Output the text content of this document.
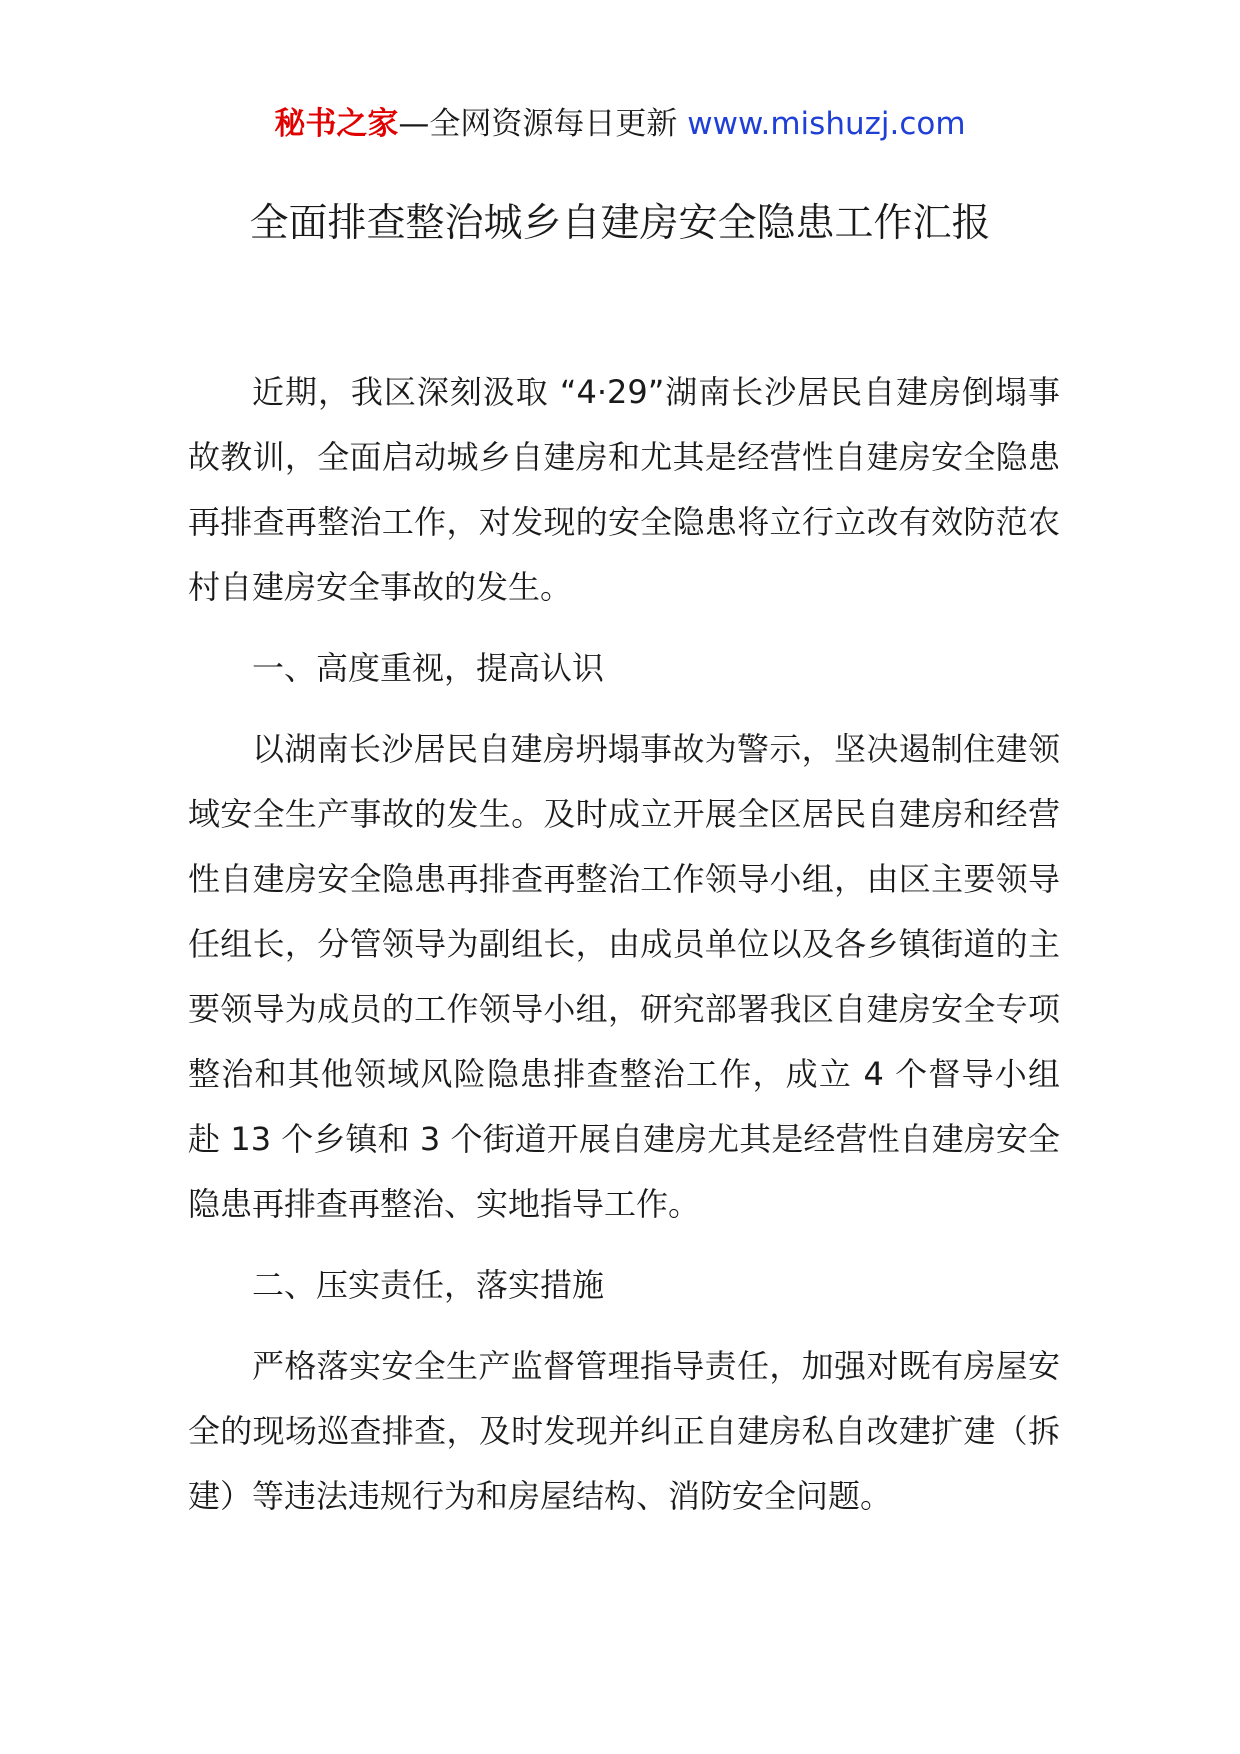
秘书之家—全网资源每日更新 www.mishuzj.com
全面排查整治城乡自建房安全隐患工作汇报

近期，我区深刻汲取 “4·29”湖南长沙居民自建房倒塌事故教训，全面启动城乡自建房和尤其是经营性自建房安全隐患再排查再整治工作，对发现的安全隐患将立行立改有效防范农村自建房安全事故的发生。

一、高度重视，提高认识

以湖南长沙居民自建房坍塌事故为警示，坚决遏制住建领域安全生产事故的发生。及时成立开展全区居民自建房和经营性自建房安全隐患再排查再整治工作领导小组，由区主要领导任组长，分管领导为副组长，由成员单位以及各乡镇街道的主要领导为成员的工作领导小组，研究部署我区自建房安全专项整治和其他领域风险隐患排查整治工作，成立 4 个督导小组赴 13 个乡镇和 3 个街道开展自建房尤其是经营性自建房安全隐患再排查再整治、实地指导工作。

二、压实责任，落实措施

严格落实安全生产监督管理指导责任，加强对既有房屋安全的现场巡查排查，及时发现并纠正自建房私自改建扩建（拆建）等违法违规行为和房屋结构、消防安全问题。
